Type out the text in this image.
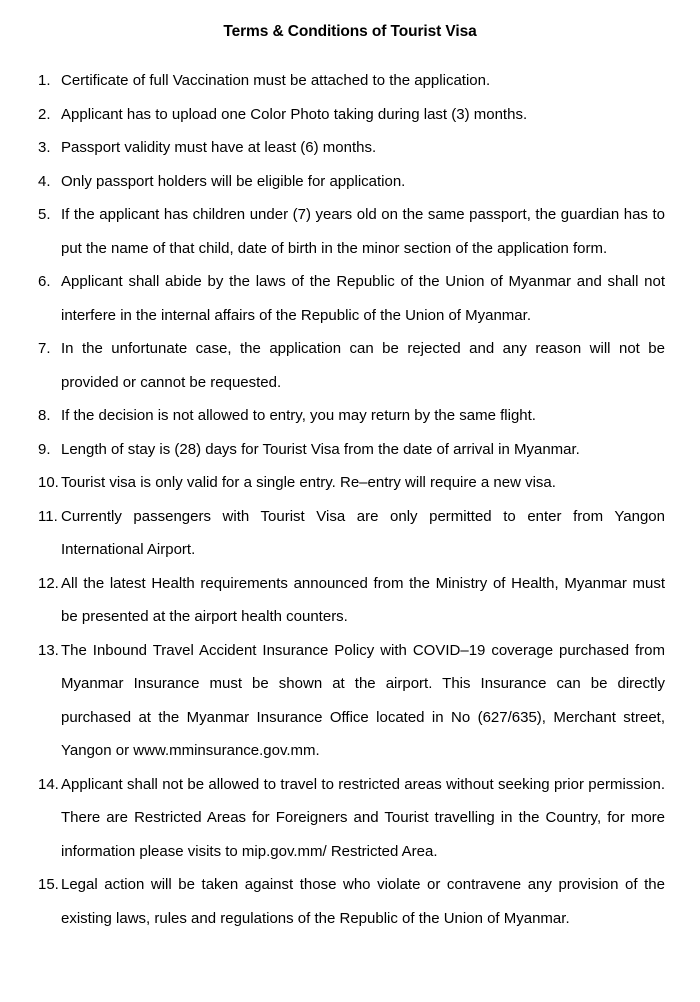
Terms & Conditions of Tourist Visa
1. Certificate of full Vaccination must be attached to the application.
2. Applicant has to upload one Color Photo taking during last (3) months.
3. Passport validity must have at least (6) months.
4. Only passport holders will be eligible for application.
5. If the applicant has children under (7) years old on the same passport, the guardian has to put the name of that child, date of birth in the minor section of the application form.
6. Applicant shall abide by the laws of the Republic of the Union of Myanmar and shall not interfere in the internal affairs of the Republic of the Union of Myanmar.
7. In the unfortunate case, the application can be rejected and any reason will not be provided or cannot be requested.
8. If the decision is not allowed to entry, you may return by the same flight.
9. Length of stay is (28) days for Tourist Visa from the date of arrival in Myanmar.
10. Tourist visa is only valid for a single entry. Re–entry will require a new visa.
11. Currently passengers with Tourist Visa are only permitted to enter from Yangon International Airport.
12. All the latest Health requirements announced from the Ministry of Health, Myanmar must be presented at the airport health counters.
13. The Inbound Travel Accident Insurance Policy with COVID–19 coverage purchased from Myanmar Insurance must be shown at the airport. This Insurance can be directly purchased at the Myanmar Insurance Office located in No (627/635), Merchant street, Yangon or www.mminsurance.gov.mm.
14. Applicant shall not be allowed to travel to restricted areas without seeking prior permission. There are Restricted Areas for Foreigners and Tourist travelling in the Country, for more information please visits to mip.gov.mm/ Restricted Area.
15. Legal action will be taken against those who violate or contravene any provision of the existing laws, rules and regulations of the Republic of the Union of Myanmar.
